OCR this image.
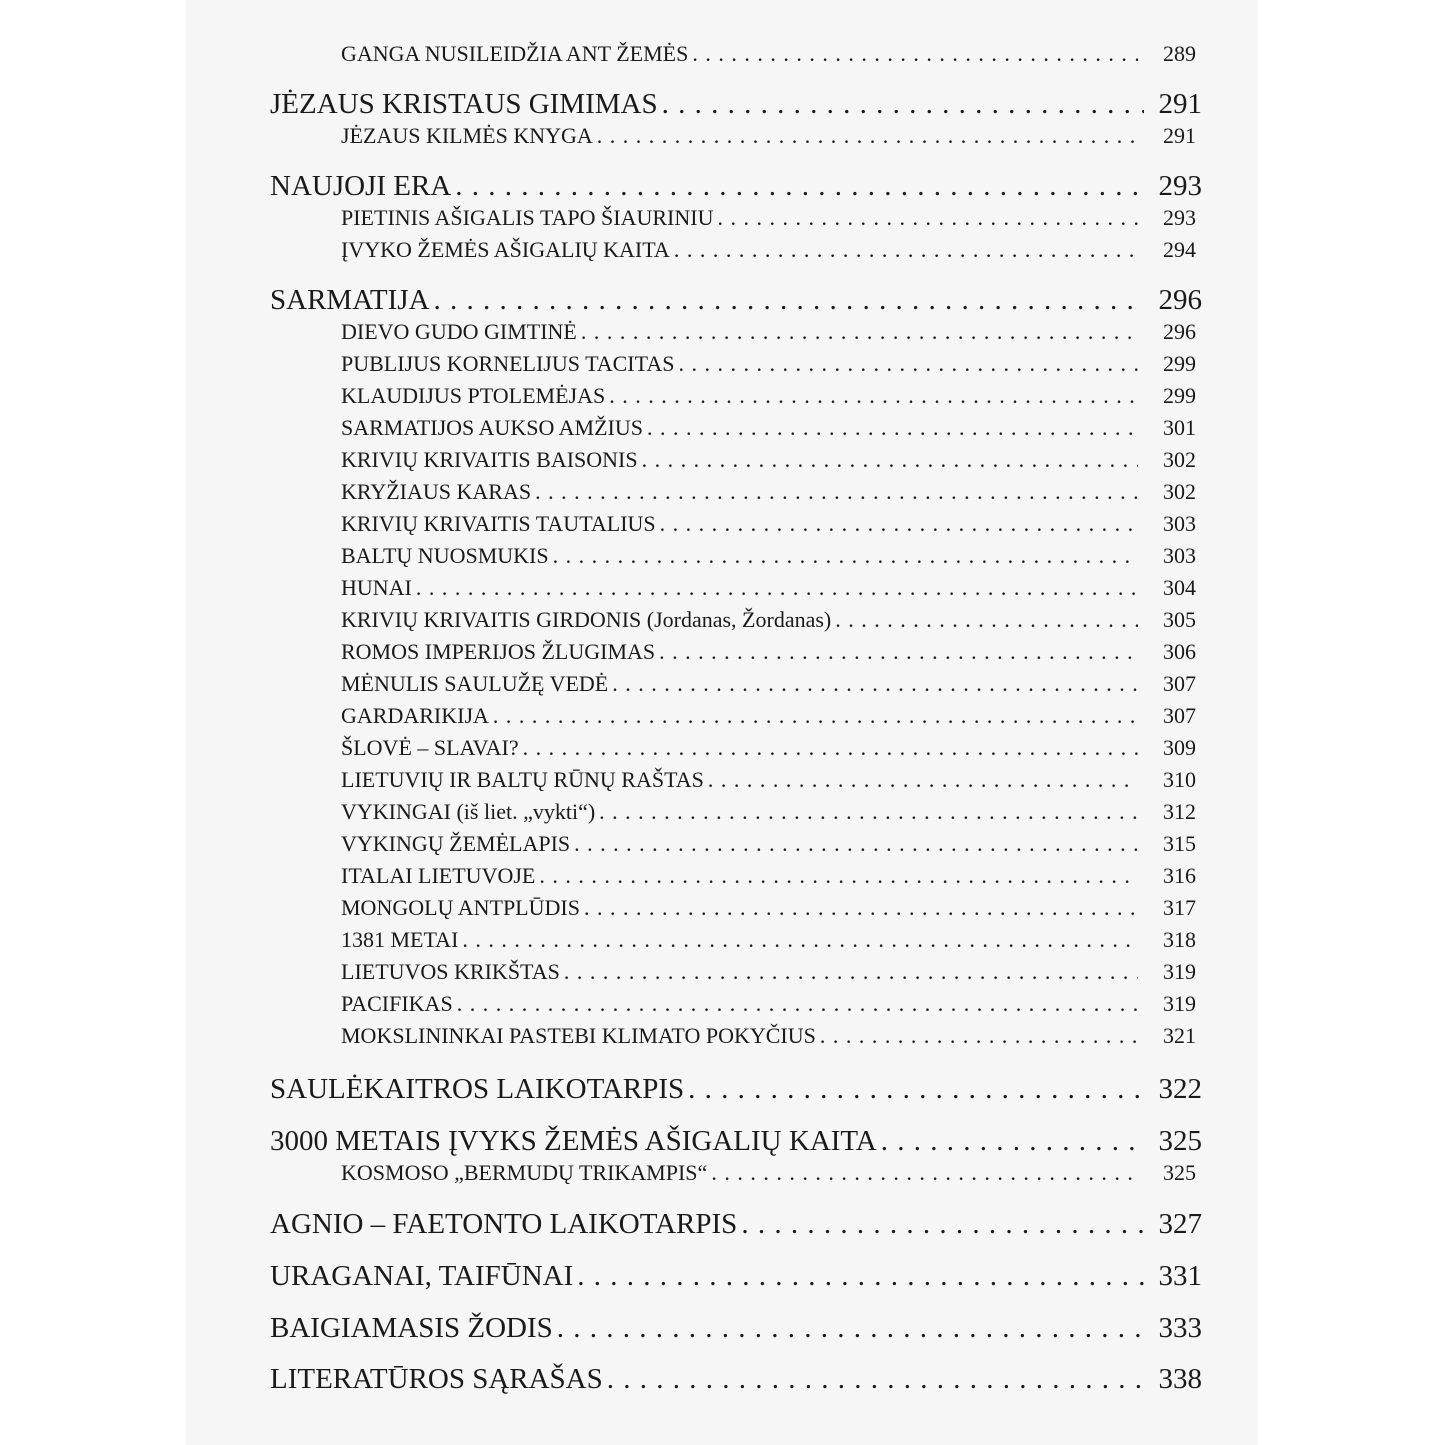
GANGA NUSILEIDŽIA ANT ŽEMĖS . . .	289
JĖZAUS KRISTAUS GIMIMAS . . .	291
JĖZAUS KILMĖS KNYGA . . .	291
NAUJOJI ERA . . .	293
PIETINIS AŠIGALIS TAPO ŠIAURINIU . . .	293
ĮVYKO ŽEMĖS AŠIGALIŲ KAITA . . .	294
SARMATIJA . . .	296
DIEVO GUDO GIMTINĖ . . .	296
PUBLIJUS KORNELIJUS TACITAS . . .	299
KLAUDIJUS PTOLEMĖJAS . . .	299
SARMATIJOS AUKSO AMŽIUS . . .	301
KRIVIŲ KRIVAITIS BAISONIS . . .	302
KRYŽIAUS KARAS . . .	302
KRIVIŲ KRIVAITIS TAUTALIUS . . .	303
BALTŲ NUOSMUKIS . . .	303
HUNAI . . .	304
KRIVIŲ KRIVAITIS GIRDONIS (Jordanas, Žordanas) . . .	305
ROMOS IMPERIJOS ŽLUGIMAS . . .	306
MĖNULIS SAULUŽĘ VEDĖ . . .	307
GARDARIKIJA . . .	307
ŠLOVĖ – SLAVAI? . . .	309
LIETUVIŲ IR BALTŲ RŪNŲ RAŠTAS . . .	310
VYKINGAI (iš liet. „vykti“) . . .	312
VYKINGŲ ŽEMĖLAPIS . . .	315
ITALAI LIETUVOJE . . .	316
MONGOLŲ ANTPLŪDIS . . .	317
1381 METAI . . .	318
LIETUVOS KRIKŠTAS . . .	319
PACIFIKAS . . .	319
MOKSLININKAI PASTEBI KLIMATO POKYČIUS . . .	321
SAULĖKAITROS LAIKOTARPIS . . .	322
3000 METAIS ĮVYKS ŽEMĖS AŠIGALIŲ KAITA . . .	325
KOSMOSO „BERMUDŲ TRIKAMPIS“ . . .	325
AGNIO – FAETONTO LAIKOTARPIS . . .	327
URAGANAI, TAIFŪNAI . . .	331
BAIGIAMASIS ŽODIS . . .	333
LITERATŪROS SĄRAŠAS . . .	338
